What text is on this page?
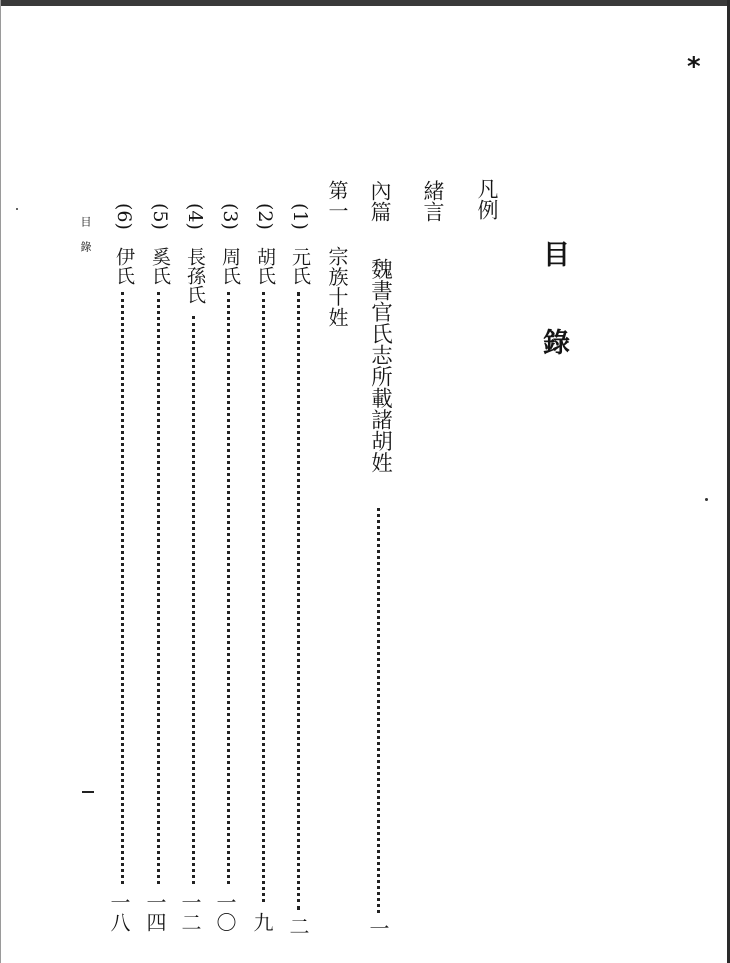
*
目
錄
凡例
緒言
內篇
魏書官氏志所載諸胡姓
一
第一
宗族十姓
(1)
元氏
二
(2)
胡氏
九
(3)
周氏
一〇
(4)
長孫氏
一二
(5)
奚氏
一四
(6)
伊氏
一八
目錄
